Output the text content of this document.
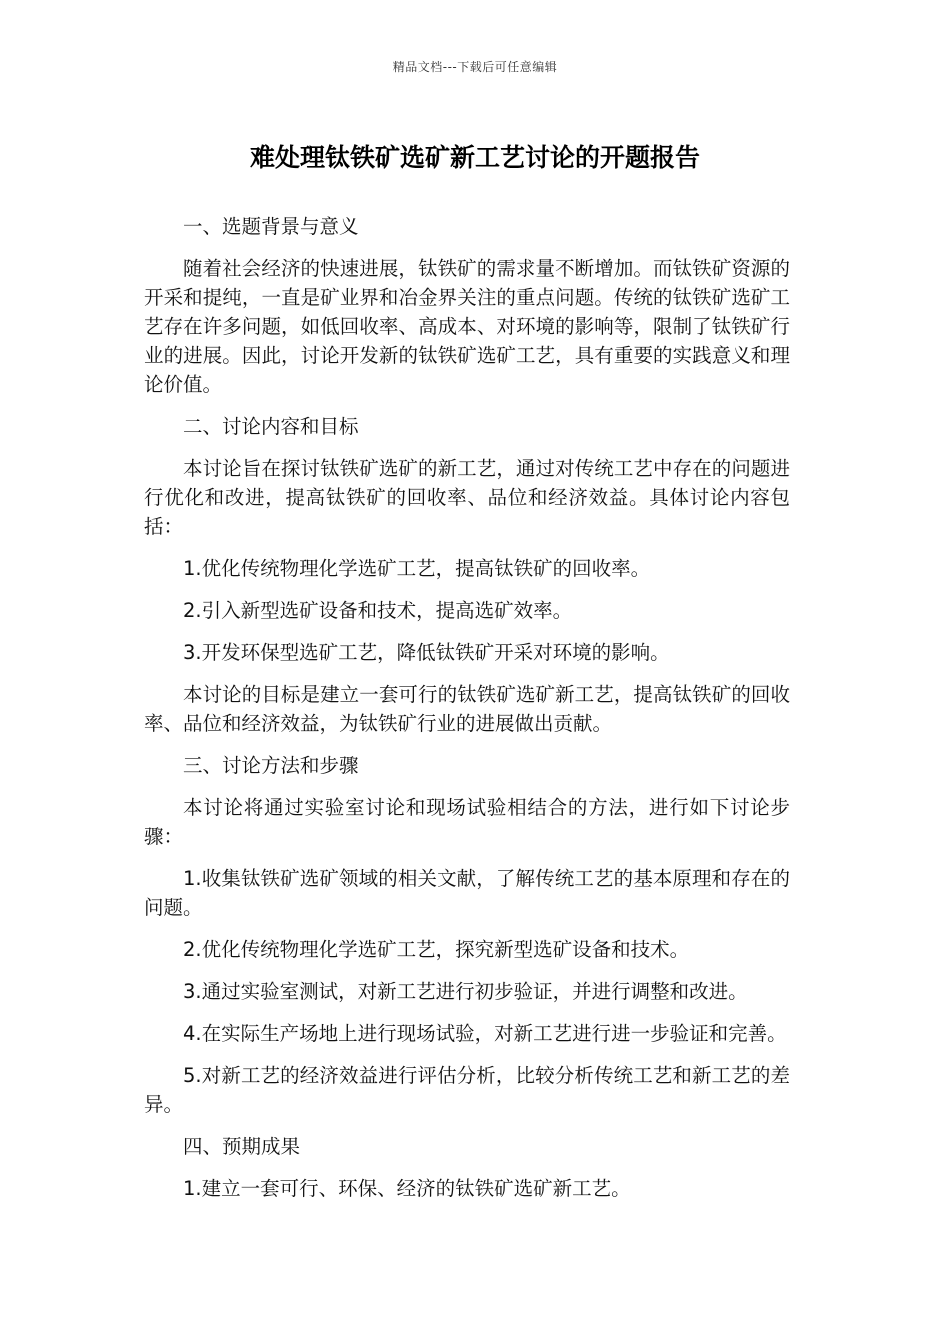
精品文档---下载后可任意编辑
难处理钛铁矿选矿新工艺讨论的开题报告

一、选题背景与意义

随着社会经济的快速进展，钛铁矿的需求量不断增加。而钛铁矿资源的开采和提纯，一直是矿业界和冶金界关注的重点问题。传统的钛铁矿选矿工艺存在许多问题，如低回收率、高成本、对环境的影响等，限制了钛铁矿行业的进展。因此，讨论开发新的钛铁矿选矿工艺，具有重要的实践意义和理论价值。

二、讨论内容和目标

本讨论旨在探讨钛铁矿选矿的新工艺，通过对传统工艺中存在的问题进行优化和改进，提高钛铁矿的回收率、品位和经济效益。具体讨论内容包括：

1.优化传统物理化学选矿工艺，提高钛铁矿的回收率。

2.引入新型选矿设备和技术，提高选矿效率。

3.开发环保型选矿工艺，降低钛铁矿开采对环境的影响。

本讨论的目标是建立一套可行的钛铁矿选矿新工艺，提高钛铁矿的回收率、品位和经济效益，为钛铁矿行业的进展做出贡献。

三、讨论方法和步骤

本讨论将通过实验室讨论和现场试验相结合的方法，进行如下讨论步骤：

1.收集钛铁矿选矿领域的相关文献，了解传统工艺的基本原理和存在的问题。

2.优化传统物理化学选矿工艺，探究新型选矿设备和技术。

3.通过实验室测试，对新工艺进行初步验证，并进行调整和改进。

4.在实际生产场地上进行现场试验，对新工艺进行进一步验证和完善。

5.对新工艺的经济效益进行评估分析，比较分析传统工艺和新工艺的差异。

四、预期成果

1.建立一套可行、环保、经济的钛铁矿选矿新工艺。
